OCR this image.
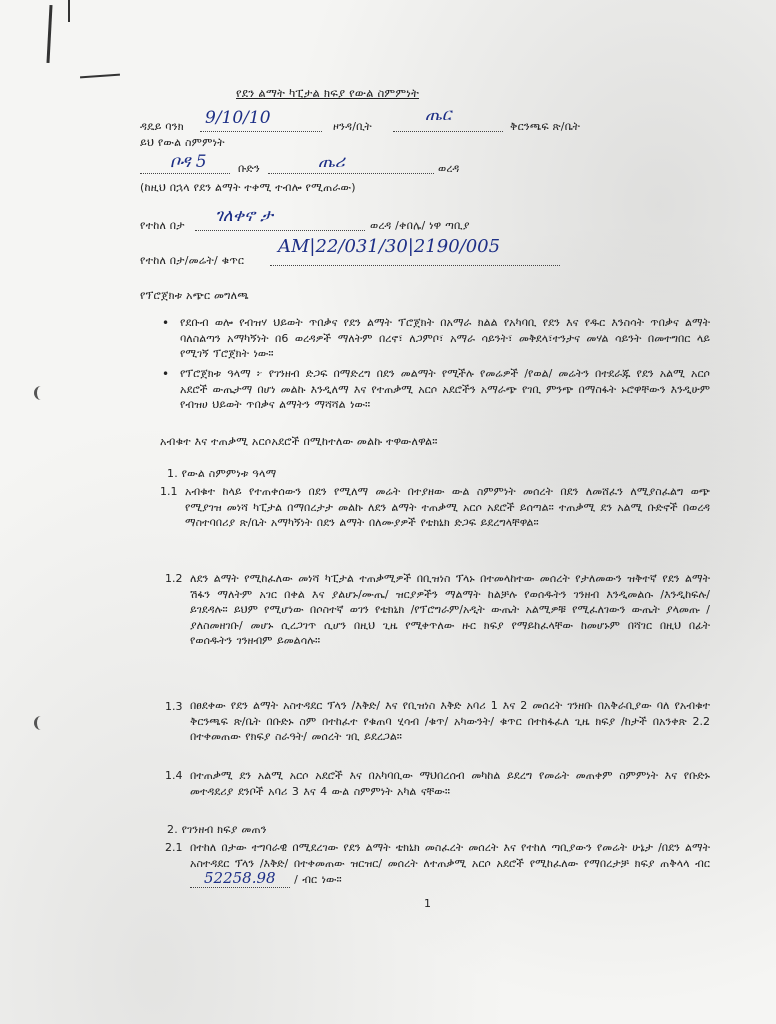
የደን ልማት ካፒታል ክፍያ የውል ስምምነት
ዳዴይ ባንክ 9/10/10	ዞንዳ/ቢት
ጤር
ቅርንጫፍ ጽ/ቤት
ይህ የውል ስምምነት
ቦዳ 5	ቡድን	ጤሪ	ወረዳ
(ከዚህ በኋላ የደን ልማት ተቀሚ ተብሎ የሚጠራው)
የተከለ በታ ገለቀኖ ታ	ወረዳ /ቀበሌ/ ነዋ ጣቢያ
የተከለ በታ/መሬት/ ቁጥር
AM|22/031/30|2190/005
የፕሮጀክቱ አጭር መግለጫ
• የደቡብ ወሎ የብዝሃ ህይወት ጥበቃና የደን ልማት ፕሮጀክት በአማራ ክልል የአካባቢ የደን እና የዱር እንስሳት ጥበቃና ልማት ባለስልጣን አማካኝነት በ6 ወረዳዎች ማለትም በረኖ፣ ለጋምቦ፣ አማራ ሳይንት፣ መቅደላ፣ተንታና መሃል ሳይንት በመተግበር ላይ የሚገኝ ፕሮጀክት ነው።
• የፕሮጀክቱ ዓላማ ፦ የገንዘብ ድጋፍ በማድረግ በደን መልማት የሚችሉ የመሬዎች /የወል/ መሬትን በተደራጁ የደን አልሚ አርሶ አደሮች ውጤታማ በሆነ መልኩ እንዲለማ እና የተጠቃሚ አርሶ አደሮችን አማራጭ የገቢ ምንጭ በማስፋት ኑሮዋቸውን እንዲሁም የብዝሀ ህይወት ጥበቃና ልማትን ማሻሻል ነው።
አብቁተ እና ተጠቃሚ አርሶአደሮች በሚከተለው መልኩ ተዋውለዋል።
1. የውል ስምምነቱ ዓላማ
1.1 አብቁተ ከላይ የተጠቀሰውን በደን የሚለማ መሬት በተያዘው ውል ስምምነት መሰረት በደን ለመሸፈን ለሚያስፈልግ ወጭ የሚያገዝ መነሻ ካፒታል በማበረታታ መልኩ ለደን ልማት ተጠቃሚ አርሶ አደሮች ይሰጣል። ተጠቃሚ ደን አልሚ ቡድኖች በወረዳ ማስተባበሪያ ጽ/ቤት አማካኝነት በደን ልማት በለሙያዎች የቴክኒክ ድጋፍ ይደረግላቸዋል።
1.2 ለደን ልማት የሚከፈለው መነሻ ካፒታል ተጠቃሚዎች በቢዝነስ ፕላኑ በተመላከተው መሰረት የታለመውን ዝቅተኛ የደን ልማት ሽፋን ማለትም አገር በቀል እና ያልሆኑ/ሙጤ/ ዝርያዎችን ማልማት ከልቻሉ የወሰዱትን ገንዘብ እንዲመልሱ /እንዲከፍሉ/ ይገደዳሉ። ይህም የሚሆነው በሶስተኛ ወገን የቴክኒክ /የፕሮግራም/አዲት ውጤት አልሚዎቹ የሚፈለገውን ውጤት ያላመጡ /ያለስመዘገቡ/ መሆኑ ሲረጋገጥ ሲሆን በዚህ ጊዜ የሚቀጥለው ዙር ክፍያ የማይከፈላቸው ከመሆኑም በሻገር በዚህ በፊት የወሰዱትን ገንዘብም ይመልሳሉ።
1.3 በፀደቀው የደን ልማት አስተዳደር ፕላን /እቅድ/ እና የቢዝነስ እቅድ አባሪ 1 እና 2 መሰረት ገንዘቡ በአቅራቢያው ባለ የአብቁተ ቅርንጫፍ ጽ/ቤት በቡድኑ ስም በተከፈተ የቁጠባ ሂሳብ /ቁጥ/ አካውንት/ ቁጥር በተከፋፈለ ጊዜ ክፍያ /ከታች በአንቀጽ 2.2 በተቀመጠው የክፍያ ስራዓት/ መሰረት ገቢ ይደረጋል።
1.4 በተጠቃሚ ደን አልሚ አርሶ አደሮች እና በአካባቢው ማህበረሰብ መካከል ይደረግ የመሬት መጠቀም ስምምነት እና የቡድኑ መተዳደሪያ ደንቦች አባሪ 3 እና 4 ውል ስምምነት አካል ናቸው።
2. የገንዘብ ክፍያ መጠን
2.1 በተከለ በታው ተግባራዊ በሚደረገው የደን ልማት ቴክኒክ መስፈረት መሰረት እና የተከለ ጣቢያውን የመሬት ሁኔታ /በደን ልማት አስተዳደር ፕላን /እቅድ/ በተቀመጠው ዝርዝር/ መሰረት ለተጠቃሚ አርሶ አደሮች የሚከፈለው የማበረታቻ ክፍያ ጠቅላላ ብር 52258.98 / ብር ነው።
1
